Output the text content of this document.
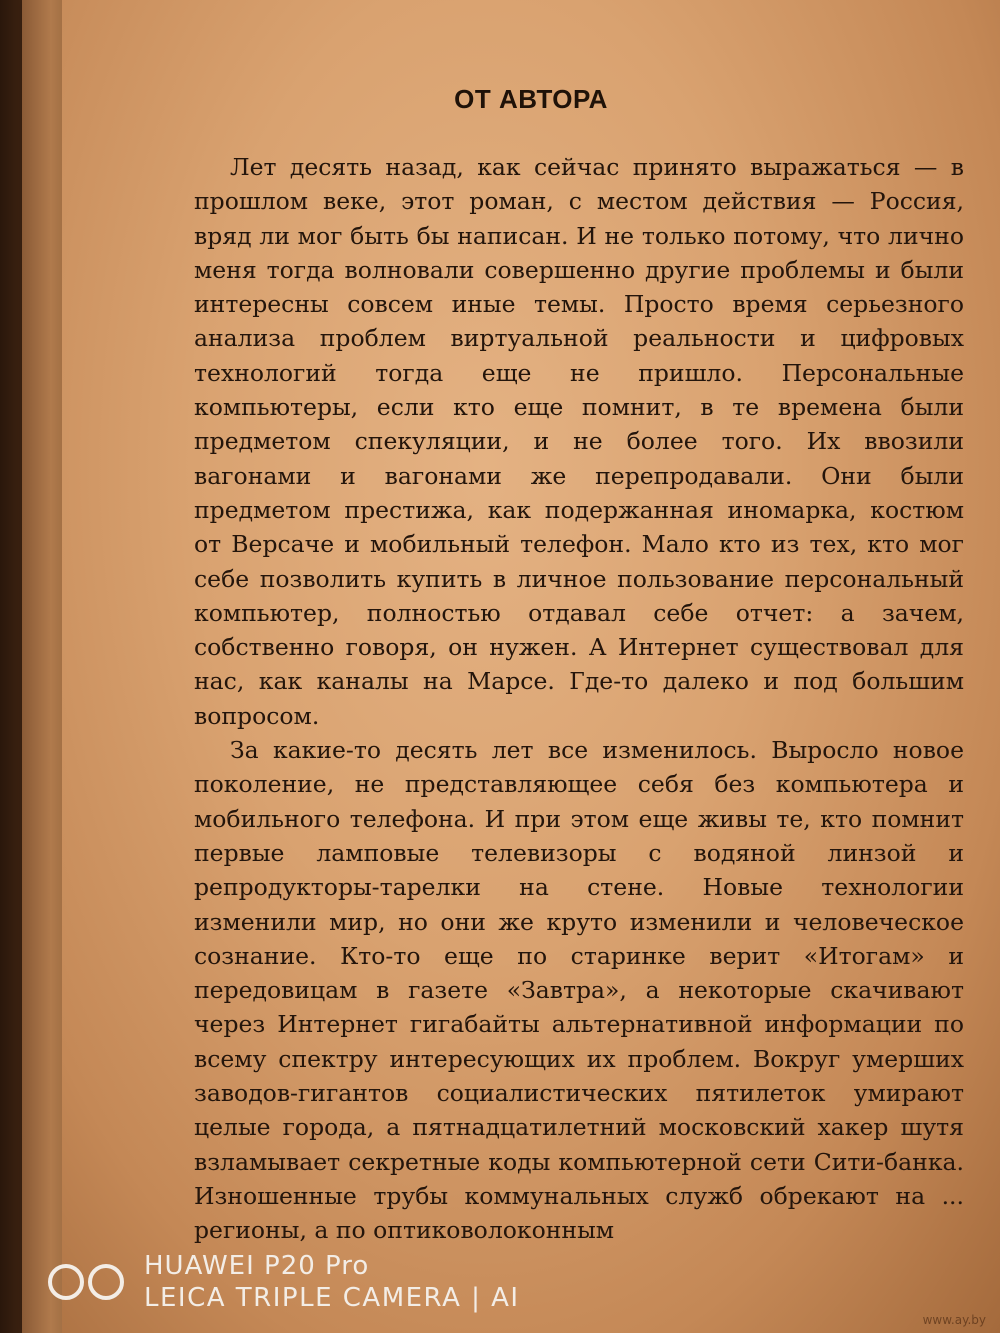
ОТ АВТОРА

Лет десять назад, как сейчас принято выражаться — в прошлом веке, этот роман, с местом действия — Россия, вряд ли мог быть бы написан. И не только потому, что лично меня тогда волновали совершенно другие проблемы и были интересны совсем иные темы. Просто время серьезного анализа проблем виртуальной реальности и цифровых технологий тогда еще не пришло. Персональные компьютеры, если кто еще помнит, в те времена были предметом спекуляции, и не более того. Их ввозили вагонами и вагонами же перепродавали. Они были предметом престижа, как подержанная иномарка, костюм от Версаче и мобильный телефон. Мало кто из тех, кто мог себе позволить купить в личное пользование персональный компьютер, полностью отдавал себе отчет: а зачем, собственно говоря, он нужен. А Интернет существовал для нас, как каналы на Марсе. Где-то далеко и под большим вопросом.

За какие-то десять лет все изменилось. Выросло новое поколение, не представляющее себя без компьютера и мобильного телефона. И при этом еще живы те, кто помнит первые ламповые телевизоры с водяной линзой и репродукторы-тарелки на стене. Новые технологии изменили мир, но они же круто изменили и человеческое сознание. Кто-то еще по старинке верит «Итогам» и передовицам в газете «Завтра», а некоторые скачивают через Интернет гигабайты альтернативной информации по всему спектру интересующих их проблем. Вокруг умерших заводов-гигантов социалистических пятилеток умирают целые города, а пятнадцатилетний московский хакер шутя взламывает секретные коды компьютерной сети Сити-банка. Изношенные трубы коммунальных служб обрекают на ... регионы, а по оптиковолоконным

www.ay.by
HUAWEI P20 Pro
LEICA TRIPLE CAMERA | AI
